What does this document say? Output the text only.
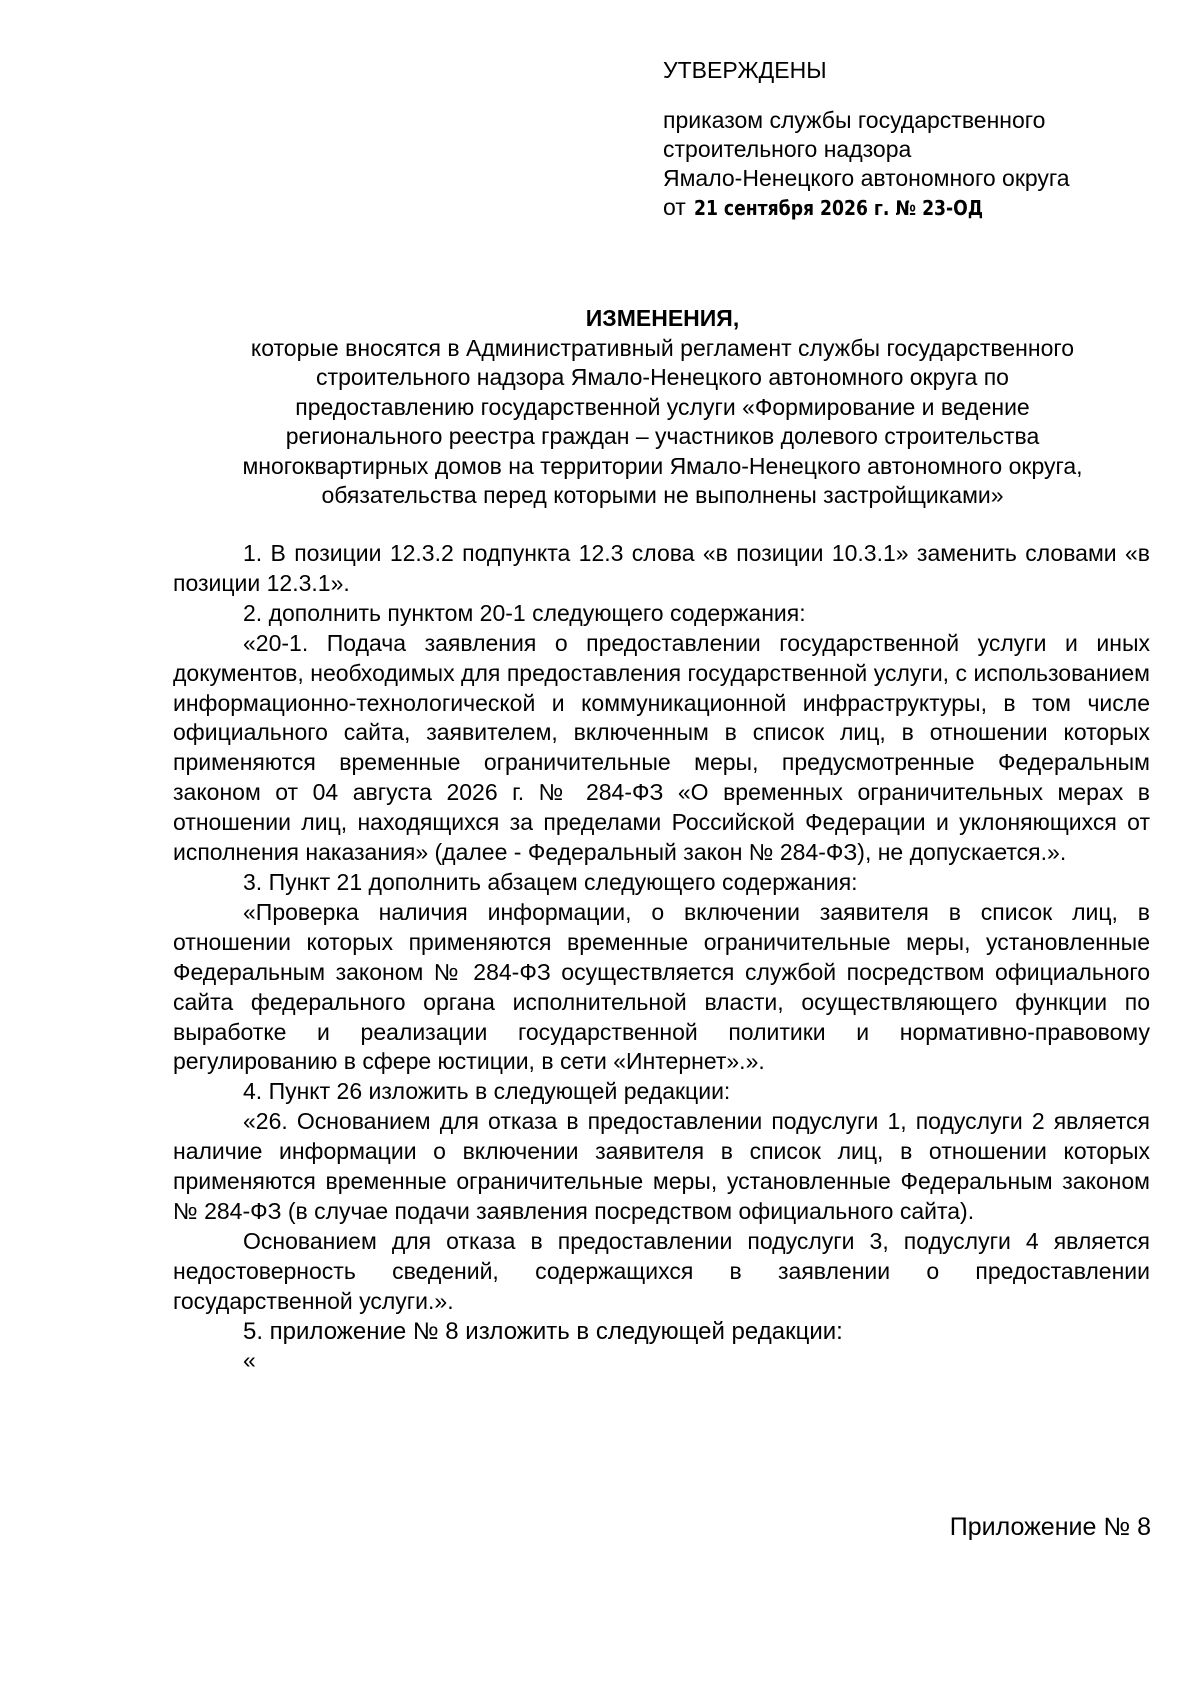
УТВЕРЖДЕНЫ
приказом службы государственного
строительного надзора
Ямало-Ненецкого автономного округа
от 21 сентября 2026 г. № 23-ОД
ИЗМЕНЕНИЯ,
которые вносятся в Административный регламент службы государственного
строительного надзора Ямало-Ненецкого автономного округа по
предоставлению государственной услуги «Формирование и ведение
регионального реестра граждан – участников долевого строительства
многоквартирных домов на территории Ямало-Ненецкого автономного округа,
обязательства перед которыми не выполнены застройщиками»

1. В позиции 12.3.2 подпункта 12.3 слова «в позиции 10.3.1» заменить словами «в позиции 12.3.1».

2. дополнить пунктом 20-1 следующего содержания:

«20-1. Подача заявления о предоставлении государственной услуги и иных документов, необходимых для предоставления государственной услуги, с использованием информационно-технологической и коммуникационной инфраструктуры, в том числе официального сайта, заявителем, включенным в список лиц, в отношении которых применяются временные ограничительные меры, предусмотренные Федеральным законом от 04 августа 2026 г. № 284-ФЗ «О временных ограничительных мерах в отношении лиц, находящихся за пределами Российской Федерации и уклоняющихся от исполнения наказания» (далее - Федеральный закон № 284-ФЗ), не допускается.».

3. Пункт 21 дополнить абзацем следующего содержания:

«Проверка наличия информации, о включении заявителя в список лиц, в отношении которых применяются временные ограничительные меры, установленные Федеральным законом № 284-ФЗ осуществляется службой посредством официального сайта федерального органа исполнительной власти, осуществляющего функции по выработке и реализации государственной политики и нормативно-правовому регулированию в сфере юстиции, в сети «Интернет».».

4. Пункт 26 изложить в следующей редакции:

«26. Основанием для отказа в предоставлении подуслуги 1, подуслуги 2 является наличие информации о включении заявителя в список лиц, в отношении которых применяются временные ограничительные меры, установленные Федеральным законом № 284-ФЗ (в случае подачи заявления посредством официального сайта).

Основанием для отказа в предоставлении подуслуги 3, подуслуги 4 является недостоверность сведений, содержащихся в заявлении о предоставлении государственной услуги.».

5. приложение № 8 изложить в следующей редакции:

«

Приложение № 8
